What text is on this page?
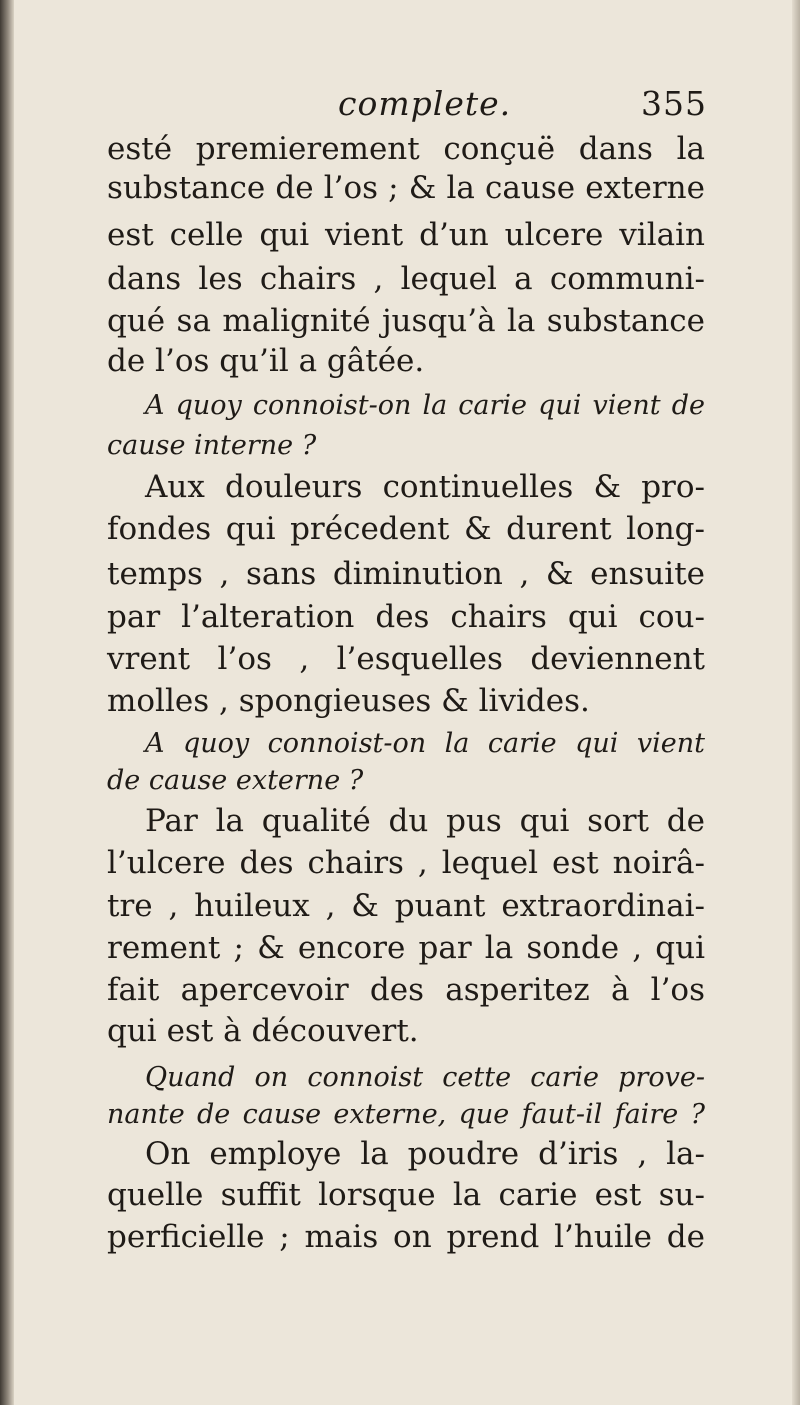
complete.	355
esté premierement conçuë dans la
substance de l’os ; & la cause externe
est celle qui vient d’un ulcere vilain
dans les chairs , lequel a communi-
qué sa malignité jusqu’à la substance
de l’os qu’il a gâtée.
A quoy connoist-on la carie qui vient de
cause interne ?
Aux douleurs continuelles & pro-
fondes qui précedent & durent long-
temps , sans diminution , & ensuite
par l’alteration des chairs qui cou-
vrent l’os , l’esquelles deviennent
molles , spongieuses & livides.
A quoy connoist-on la carie qui vient
de cause externe ?
Par la qualité du pus qui sort de
l’ulcere des chairs , lequel est noirâ-
tre , huileux , & puant extraordinai-
rement ; & encore par la sonde , qui
fait apercevoir des asperitez à l’os
qui est à découvert.
Quand on connoist cette carie prove-
nante de cause externe, que faut-il faire ?
On employe la poudre d’iris , la-
quelle suffit lorsque la carie est su-
perficielle ; mais on prend l’huile de
